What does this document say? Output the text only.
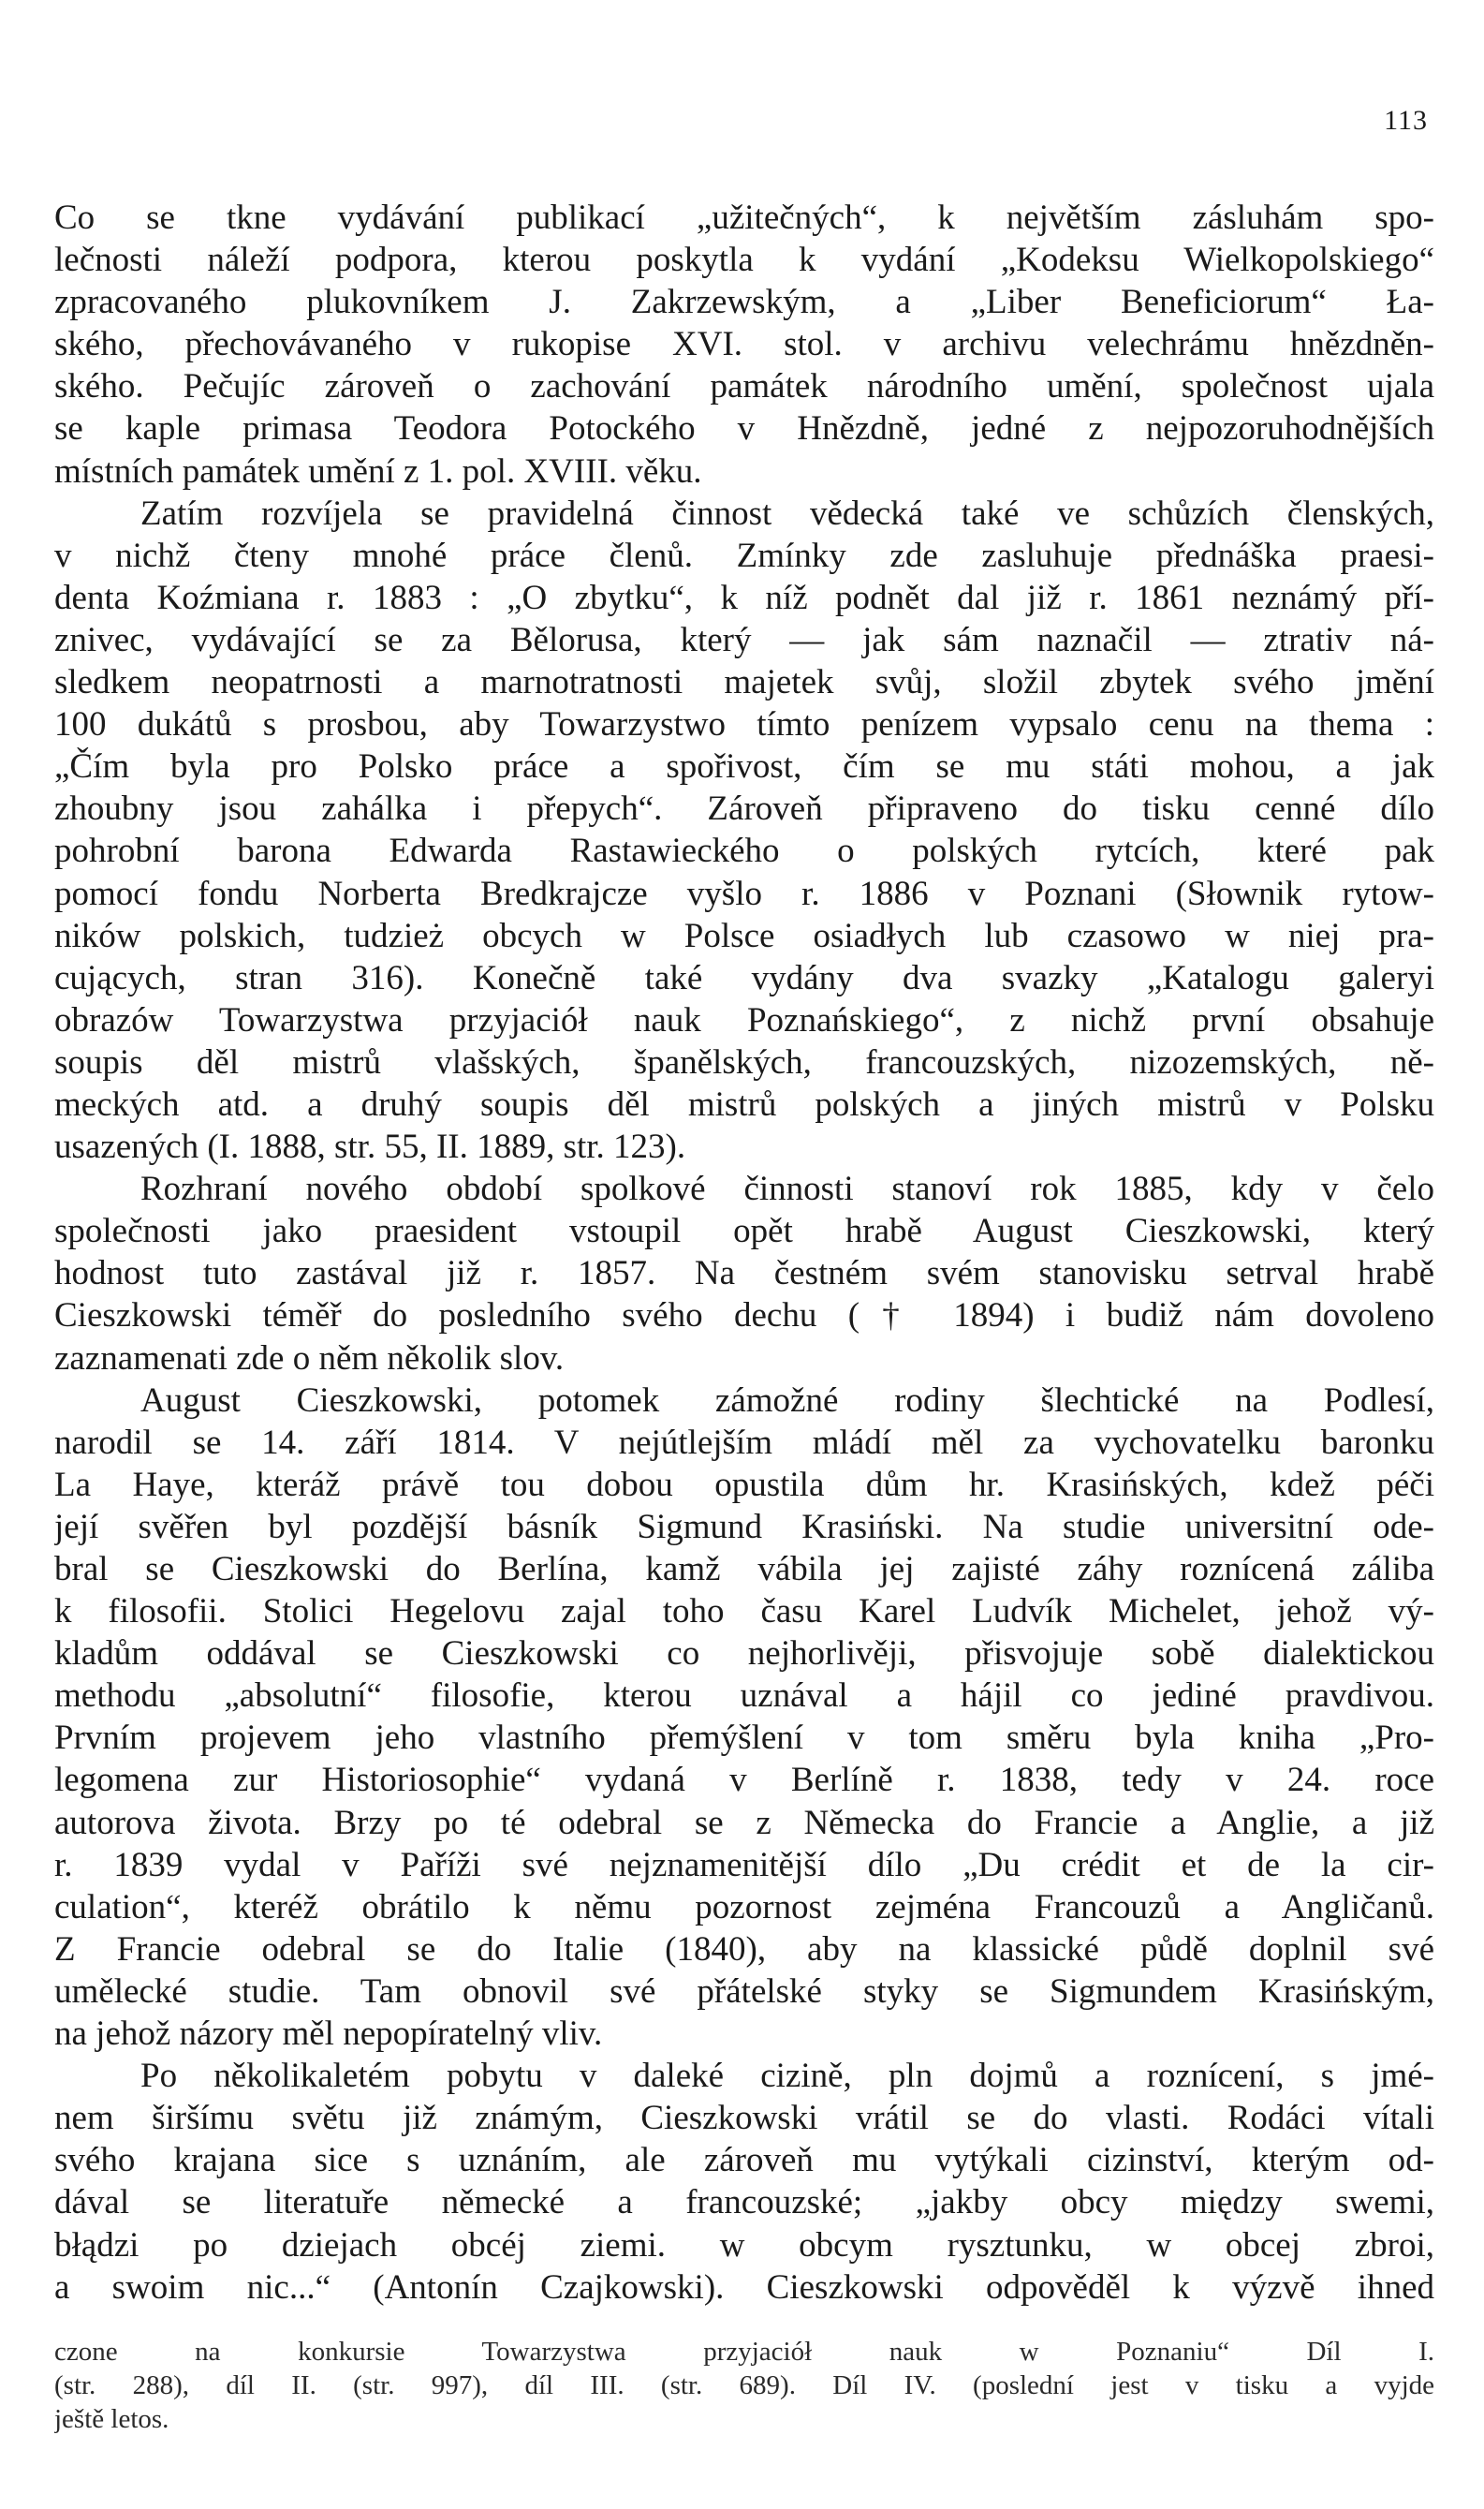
113
Co se tkne vydávání publikací „užitečných“, k největším zásluhám spo-
lečnosti náleží podpora, kterou poskytla k vydání „Kodeksu Wielkopolskiego“
zpracovaného plukovníkem J. Zakrzewským, a „Liber Beneficiorum“ Ła-
ského, přechovávaného v rukopise XVI. stol. v archivu velechrámu hnězdněn-
ského. Pečujíc zároveň o zachování památek národního umění, společnost ujala
se kaple primasa Teodora Potockého v Hnězdně, jedné z nejpozoruhodnějších
místních památek umění z 1. pol. XVIII. věku.
Zatím rozvíjela se pravidelná činnost vědecká také ve schůzích členských,
v nichž čteny mnohé práce členů. Zmínky zde zasluhuje přednáška praesi-
denta Koźmiana r. 1883 : „O zbytku“, k níž podnět dal již r. 1861 neznámý pří-
znivec, vydávající se za Bělorusa, který — jak sám naznačil — ztrativ ná-
sledkem neopatrnosti a marnotratnosti majetek svůj, složil zbytek svého jmění
100 dukátů s prosbou, aby Towarzystwo tímto penízem vypsalo cenu na thema :
„Čím byla pro Polsko práce a spořivost, čím se mu státi mohou, a jak
zhoubny jsou zahálka i přepych“. Zároveň připraveno do tisku cenné dílo
pohrobní barona Edwarda Rastawieckého o polských rytcích, které pak
pomocí fondu Norberta Bredkrajcze vyšlo r. 1886 v Poznani (Słownik rytow-
ników polskich, tudzież obcych w Polsce osiadłych lub czasowo w niej pra-
cujących, stran 316). Konečně také vydány dva svazky „Katalogu galeryi
obrazów Towarzystwa przyjaciół nauk Poznańskiego“, z nichž první obsahuje
soupis děl mistrů vlašských, španělských, francouzských, nizozemských, ně-
meckých atd. a druhý soupis děl mistrů polských a jiných mistrů v Polsku
usazených (I. 1888, str. 55, II. 1889, str. 123).
Rozhraní nového období spolkové činnosti stanoví rok 1885, kdy v čelo
společnosti jako praesident vstoupil opět hrabě August Cieszkowski, který
hodnost tuto zastával již r. 1857. Na čestném svém stanovisku setrval hrabě
Cieszkowski téměř do posledního svého dechu († 1894) i budiž nám dovoleno
zaznamenati zde o něm několik slov.
August Cieszkowski, potomek zámožné rodiny šlechtické na Podlesí,
narodil se 14. září 1814. V nejútlejším mládí měl za vychovatelku baronku
La Haye, kteráž právě tou dobou opustila dům hr. Krasińských, kdež péči
její svěřen byl pozdější básník Sigmund Krasiński. Na studie universitní ode-
bral se Cieszkowski do Berlína, kamž vábila jej zajisté záhy roznícená záliba
k filosofii. Stolici Hegelovu zajal toho času Karel Ludvík Michelet, jehož vý-
kladům oddával se Cieszkowski co nejhorlivěji, přisvojuje sobě dialektickou
methodu „absolutní“ filosofie, kterou uznával a hájil co jediné pravdivou.
Prvním projevem jeho vlastního přemýšlení v tom směru byla kniha „Pro-
legomena zur Historiosophie“ vydaná v Berlíně r. 1838, tedy v 24. roce
autorova života. Brzy po té odebral se z Německa do Francie a Anglie, a již
r. 1839 vydal v Paříži své nejznamenitější dílo „Du crédit et de la cir-
culation“, kteréž obrátilo k němu pozornost zejména Francouzů a Angličanů.
Z Francie odebral se do Italie (1840), aby na klassické půdě doplnil své
umělecké studie. Tam obnovil své přátelské styky se Sigmundem Krasińským,
na jehož názory měl nepopíratelný vliv.
Po několikaletém pobytu v daleké cizině, pln dojmů a roznícení, s jmé-
nem širšímu světu již známým, Cieszkowski vrátil se do vlasti. Rodáci vítali
svého krajana sice s uznáním, ale zároveň mu vytýkali cizinství, kterým od-
dával se literatuře německé a francouzské; „jakby obcy między swemi,
błądzi po dziejach obcéj ziemi. w obcym rysztunku, w obcej zbroi,
a swoim nic...“ (Antonín Czajkowski). Cieszkowski odpověděl k výzvě ihned
czone na konkursie Towarzystwa przyjaciół nauk w Poznaniu“ Díl I.
(str. 288), díl II. (str. 997), díl III. (str. 689). Díl IV. (poslední jest v tisku a vyjde
ještě letos.
